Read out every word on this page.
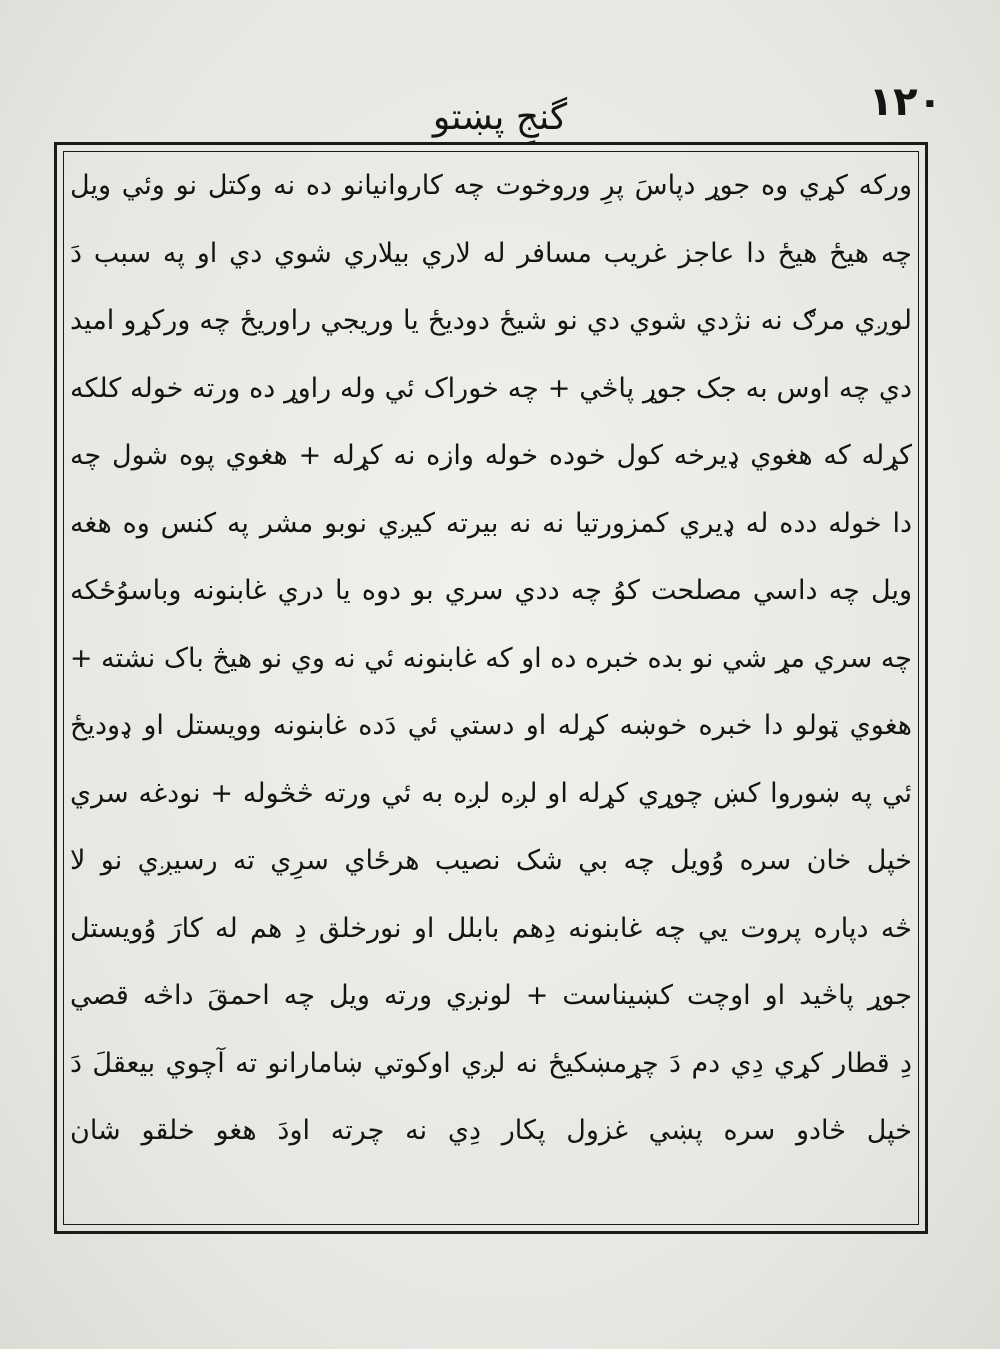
١٢٠
گنجِ پښتو
ورکه کړي وه جوړ دپاسَ پرِ وروخوت چه کاروانیانو ده نه وکتل نو وئي ویل
چه هيځ هيځ دا عاجز غریب مسافر له لاري بيلاري شوي دي او په سبب دَ
لوږي مرګ نه نژدي شوي دي نو شيځ دوديځ یا وریجي راوريځ چه ورکړو امید
دي چه اوس به جک جوړ پاڅي + چه خوراک ئي وله راوړ ده ورته خوله کلکه
کړله که هغوي ډیرخه کول خوده خوله وازه نه کړله + هغوي پوه شول چه
دا خوله دده له ډيري کمزورتیا نه نه بیرته کیږي نوبو مشر په کنس وه هغه
ویل چه داسي مصلحت کوُ چه ددي سري بو دوه یا دري غابنونه وباسوُځکه
چه سري مړ شي نو بده خبره ده او که غابنونه ئي نه وي نو هيڅ باک نشته +
هغوي ټولو دا خبره خوښه کړله او دستي ئي دَده غابنونه وویستل او ډوديځ
ئي په ښوروا کښ چوړي کړله او لږه لږه به ئي ورته څڅوله + نودغه سري
خپل خان سره وُویل چه بي شک نصیب هرځاي سرِي ته رسيږي نو لا
څه دپاره پروت يي چه غابنونه دِهم بابلل او نورخلق دِ هم له کارَ وُویستل
جوړ پاڅيد او اوچت کښيناست + لونږي ورته ویل چه احمقَ داڅه قصي
دِ قطار کړي دِي دم دَ چړمښکيځ نه لږي اوکوتي ښامارانو ته آچوي بيعقلَ دَ
خپل څادو سره پښي غزول پکار دِي نه چرته اودَ هغو خلقو شان
